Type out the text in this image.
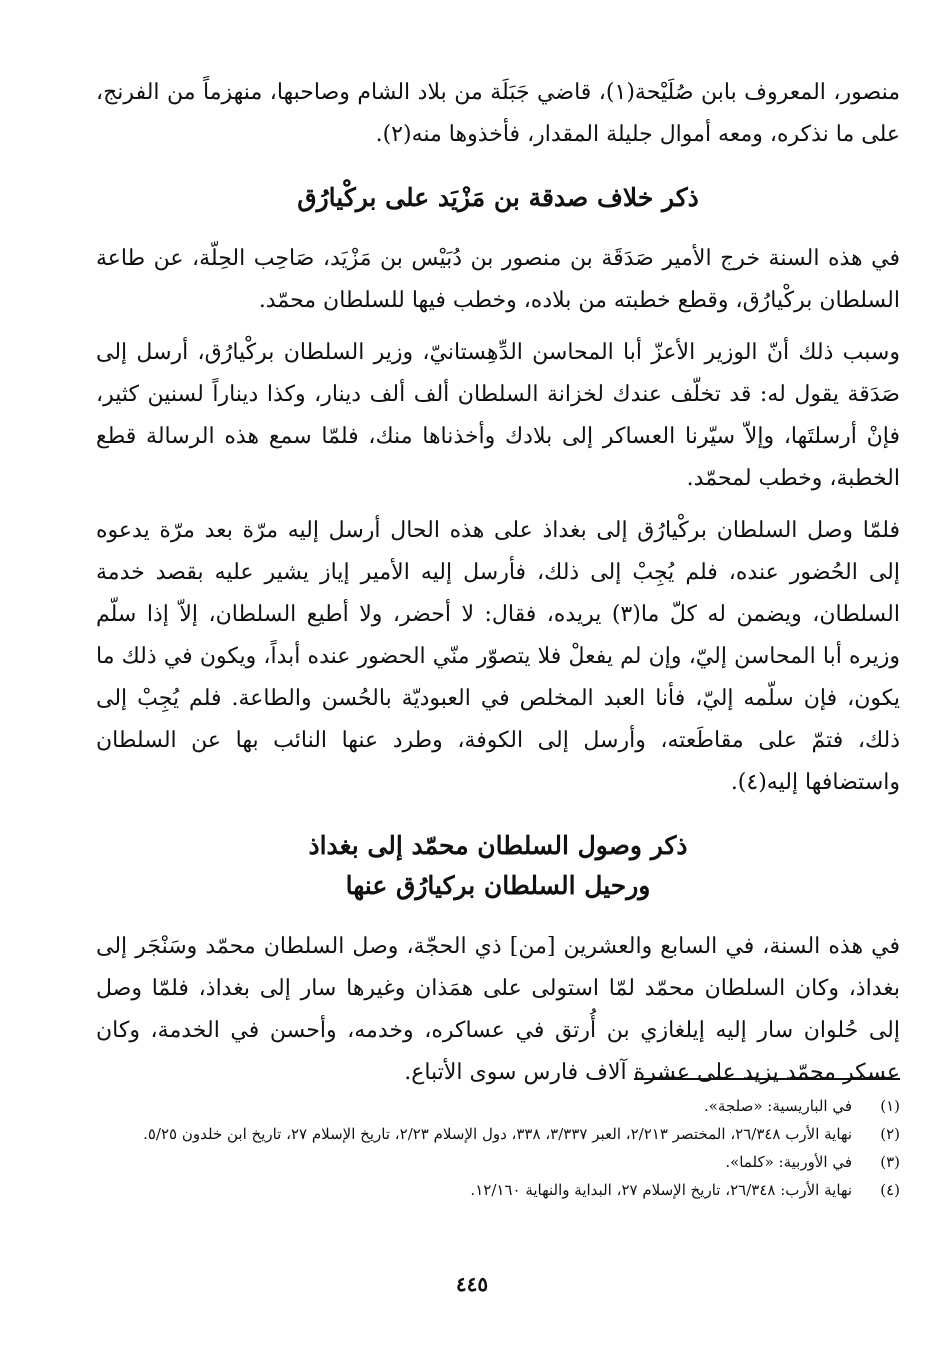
منصور، المعروف بابن صُلَيْحة(١)، قاضي جَبَلَة من بلاد الشام وصاحبها، منهزماً من الفرنج، على ما نذكره، ومعه أموال جليلة المقدار، فأخذوها منه(٢).

ذكر خلاف صدقة بن مَزْيَد على بركْيارُق

في هذه السنة خرج الأمير صَدَقَة بن منصور بن دُبَيْس بن مَزْيَد، صَاحِب الحِلّة، عن طاعة السلطان بركْيارُق، وقطع خطبته من بلاده، وخطب فيها للسلطان محمّد.

وسبب ذلك أنّ الوزير الأعزّ أبا المحاسن الدِّهِستانيّ، وزير السلطان بركْيارُق، أرسل إلى صَدَقة يقول له: قد تخلّف عندك لخزانة السلطان ألف ألف دينار، وكذا ديناراً لسنين كثير، فإنْ أرسلتَها، وإلاّ سيّرنا العساكر إلى بلادك وأخذناها منك، فلمّا سمع هذه الرسالة قطع الخطبة، وخطب لمحمّد.

فلمّا وصل السلطان بركْيارُق إلى بغداذ على هذه الحال أرسل إليه مرّة بعد مرّة يدعوه إلى الحُضور عنده، فلم يُجِبْ إلى ذلك، فأرسل إليه الأمير إياز يشير عليه بقصد خدمة السلطان، ويضمن له كلّ ما(٣) يريده، فقال: لا أحضر، ولا أطيع السلطان، إلاّ إذا سلّم وزيره أبا المحاسن إليّ، وإن لم يفعلْ فلا يتصوّر منّي الحضور عنده أبداً، ويكون في ذلك ما يكون، فإن سلّمه إليّ، فأنا العبد المخلص في العبوديّة بالحُسن والطاعة. فلم يُجِبْ إلى ذلك، فتمّ على مقاطَعته، وأرسل إلى الكوفة، وطرد عنها النائب بها عن السلطان واستضافها إليه(٤).

ذكر وصول السلطان محمّد إلى بغداذ
ورحيل السلطان بركيارُق عنها

في هذه السنة، في السابع والعشرين [من] ذي الحجّة، وصل السلطان محمّد وسَنْجَر إلى بغداذ، وكان السلطان محمّد لمّا استولى على همَذان وغيرها سار إلى بغداذ، فلمّا وصل إلى حُلوان سار إليه إيلغازي بن أُرتق في عساكره، وخدمه، وأحسن في الخدمة، وكان عسكر محمّد يزيد على عشرة آلاف فارس سوى الأتباع.

(١)
في الباريسية: «صلجة».
(٢)
نهاية الأرب ٢٦/٣٤٨، المختصر ٢/٢١٣، العبر ٣/٣٣٧، ٣٣٨، دول الإسلام ٢/٢٣، تاريخ الإسلام ٢٧، تاريخ ابن خلدون ٥/٢٥.
(٣)
في الأوربية: «كلما».
(٤)
نهاية الأرب: ٢٦/٣٤٨، تاريخ الإسلام ٢٧، البداية والنهاية ١٢/١٦٠.
٤٤٥
